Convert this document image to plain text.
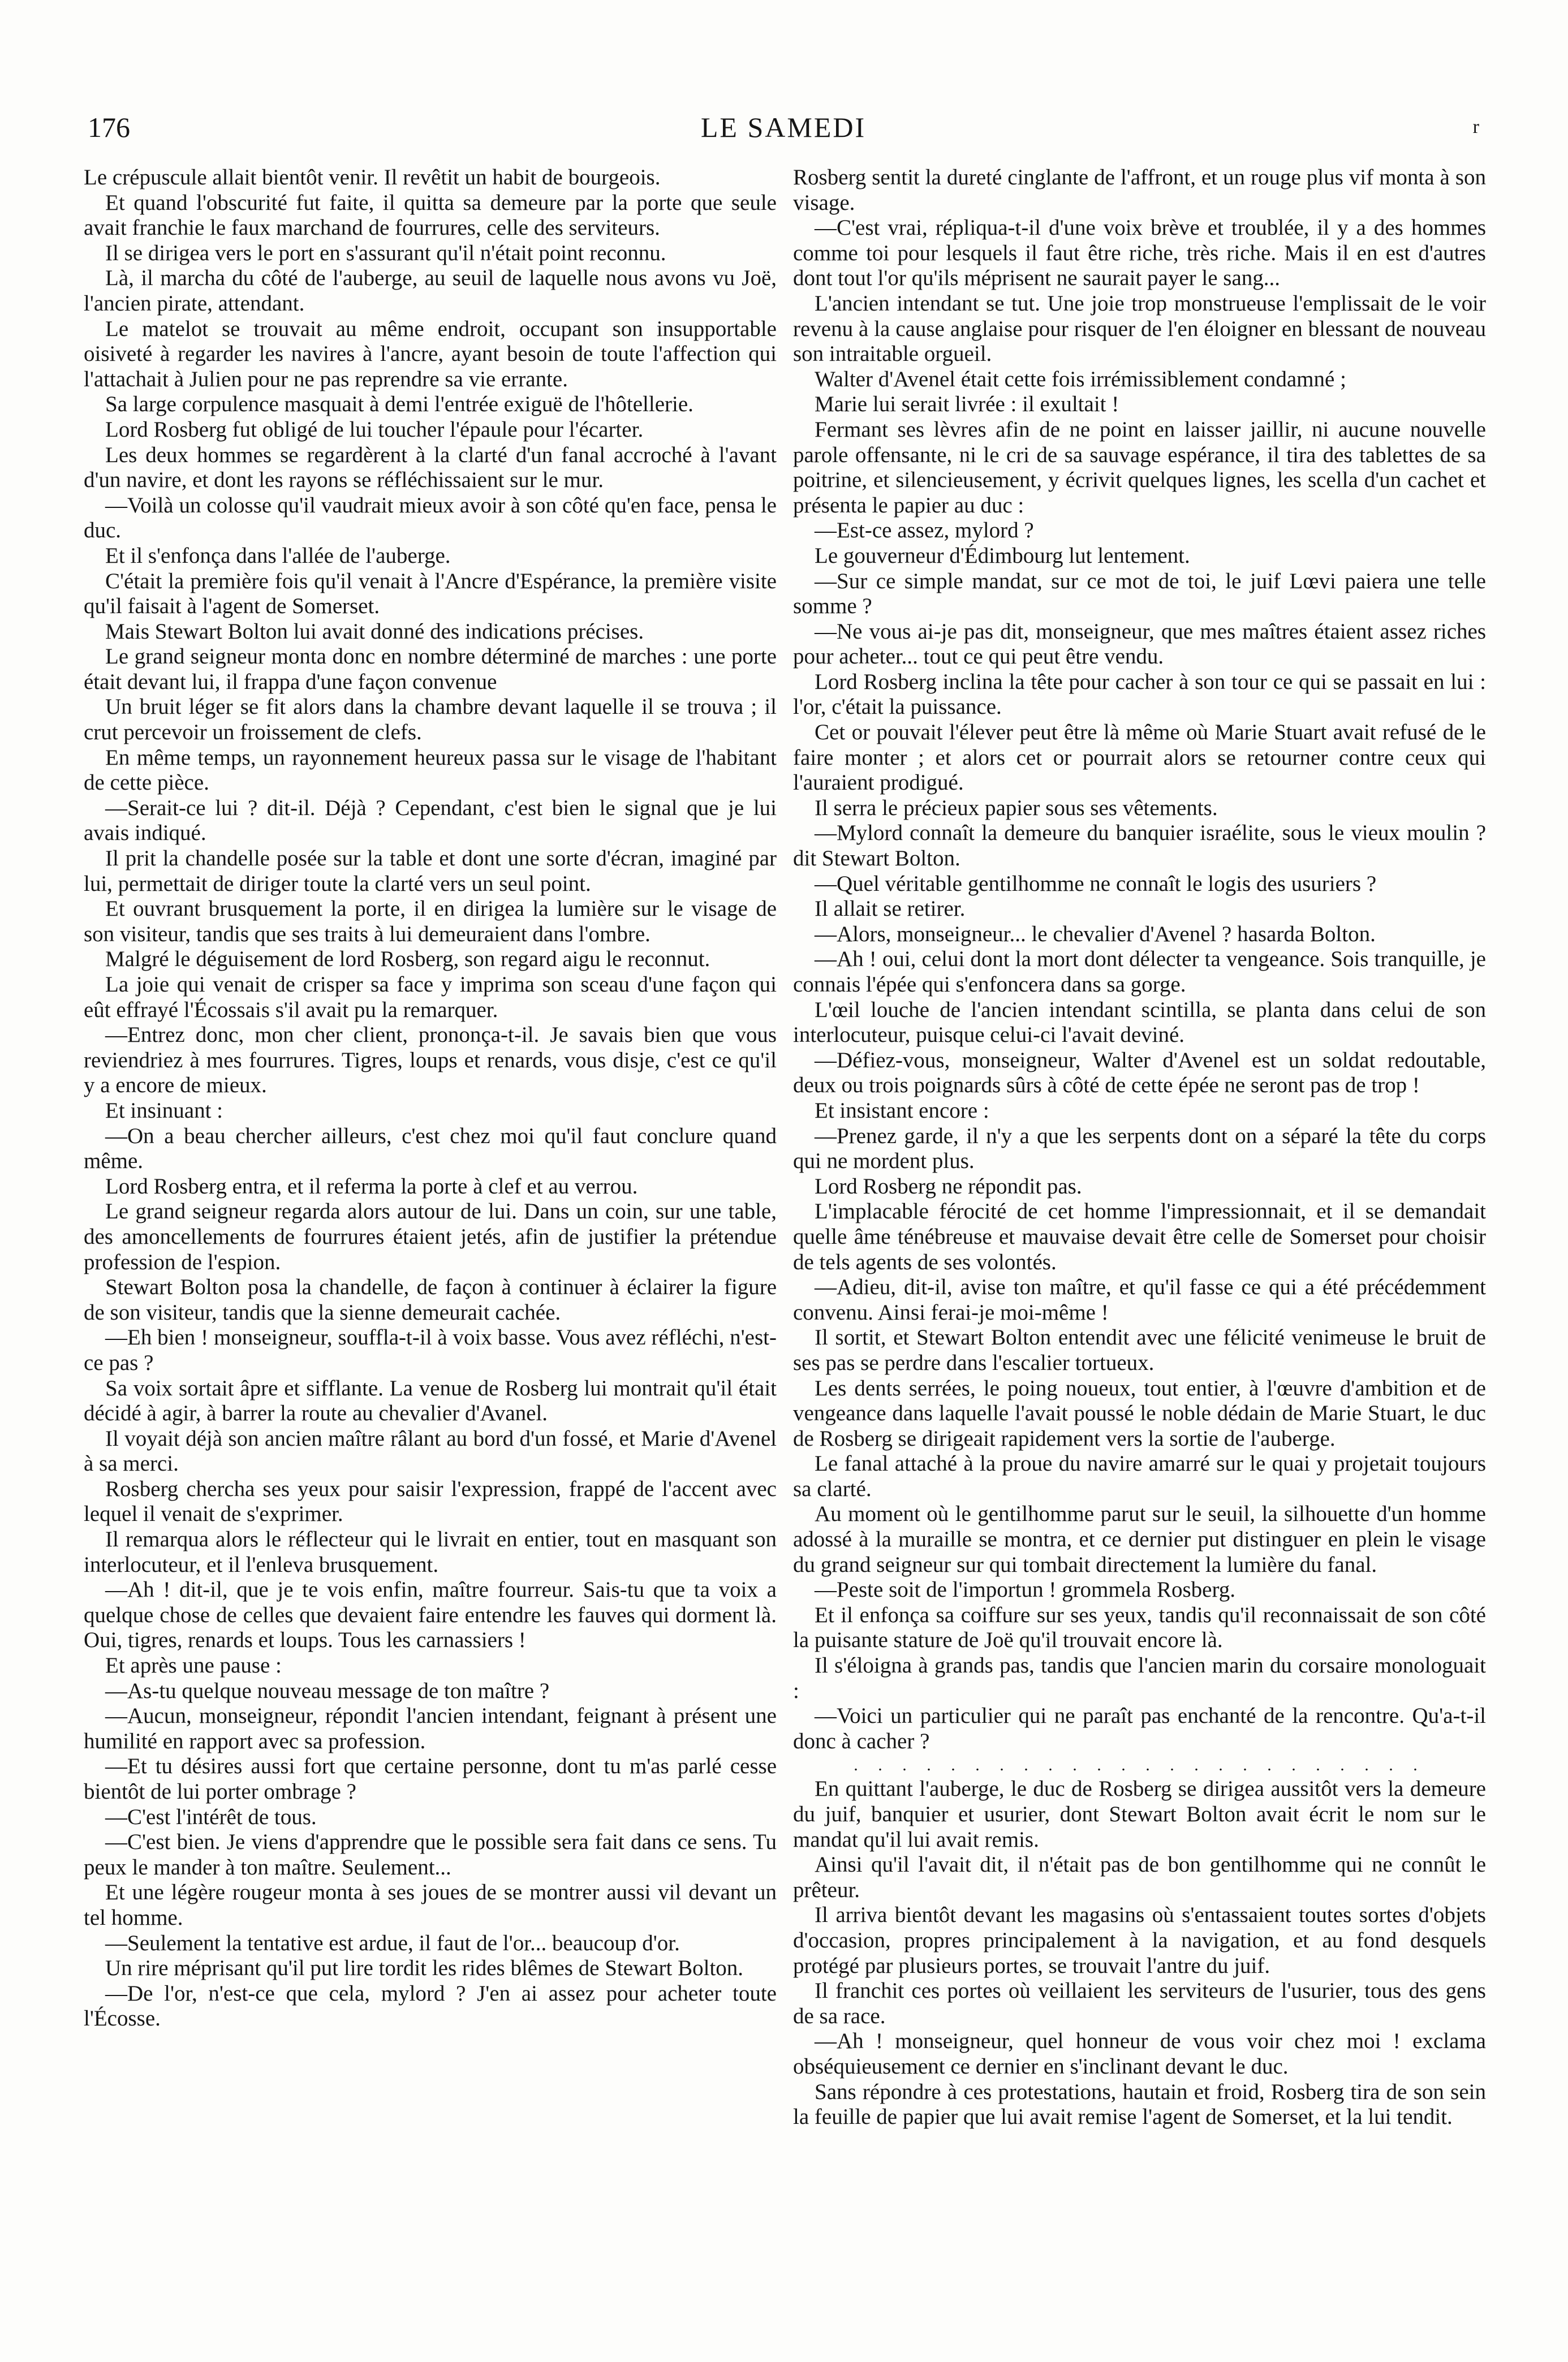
176	LE SAMEDI	r

Le crépuscule allait bientôt venir. Il revêtit un habit de bourgeois.

Et quand l'obscurité fut faite, il quitta sa demeure par la porte que seule avait franchie le faux marchand de fourrures, celle des serviteurs.

Il se dirigea vers le port en s'assurant qu'il n'était point reconnu.

Là, il marcha du côté de l'auberge, au seuil de laquelle nous avons vu Joë, l'ancien pirate, attendant.

Le matelot se trouvait au même endroit, occupant son insupportable oisiveté à regarder les navires à l'ancre, ayant besoin de toute l'affection qui l'attachait à Julien pour ne pas reprendre sa vie errante.

Sa large corpulence masquait à demi l'entrée exiguë de l'hôtellerie.

Lord Rosberg fut obligé de lui toucher l'épaule pour l'écarter.

Les deux hommes se regardèrent à la clarté d'un fanal accroché à l'avant d'un navire, et dont les rayons se réfléchissaient sur le mur.

—Voilà un colosse qu'il vaudrait mieux avoir à son côté qu'en face, pensa le duc.

Et il s'enfonça dans l'allée de l'auberge.

C'était la première fois qu'il venait à l'Ancre d'Espérance, la première visite qu'il faisait à l'agent de Somerset.

Mais Stewart Bolton lui avait donné des indications précises.

Le grand seigneur monta donc en nombre déterminé de marches : une porte était devant lui, il frappa d'une façon convenue

Un bruit léger se fit alors dans la chambre devant laquelle il se trouva ; il crut percevoir un froissement de clefs.

En même temps, un rayonnement heureux passa sur le visage de l'habitant de cette pièce.

—Serait-ce lui ? dit-il. Déjà ? Cependant, c'est bien le signal que je lui avais indiqué.

Il prit la chandelle posée sur la table et dont une sorte d'écran, imaginé par lui, permettait de diriger toute la clarté vers un seul point.

Et ouvrant brusquement la porte, il en dirigea la lumière sur le visage de son visiteur, tandis que ses traits à lui demeuraient dans l'ombre.

Malgré le déguisement de lord Rosberg, son regard aigu le reconnut.

La joie qui venait de crisper sa face y imprima son sceau d'une façon qui eût effrayé l'Écossais s'il avait pu la remarquer.

—Entrez donc, mon cher client, prononça-t-il. Je savais bien que vous reviendriez à mes fourrures. Tigres, loups et renards, vous disje, c'est ce qu'il y a encore de mieux.

Et insinuant :

—On a beau chercher ailleurs, c'est chez moi qu'il faut conclure quand même.

Lord Rosberg entra, et il referma la porte à clef et au verrou.

Le grand seigneur regarda alors autour de lui. Dans un coin, sur une table, des amoncellements de fourrures étaient jetés, afin de justifier la prétendue profession de l'espion.

Stewart Bolton posa la chandelle, de façon à continuer à éclairer la figure de son visiteur, tandis que la sienne demeurait cachée.

—Eh bien ! monseigneur, souffla-t-il à voix basse. Vous avez réfléchi, n'est-ce pas ?

Sa voix sortait âpre et sifflante. La venue de Rosberg lui montrait qu'il était décidé à agir, à barrer la route au chevalier d'Avanel.

Il voyait déjà son ancien maître râlant au bord d'un fossé, et Marie d'Avenel à sa merci.

Rosberg chercha ses yeux pour saisir l'expression, frappé de l'accent avec lequel il venait de s'exprimer.

Il remarqua alors le réflecteur qui le livrait en entier, tout en masquant son interlocuteur, et il l'enleva brusquement.

—Ah ! dit-il, que je te vois enfin, maître fourreur. Sais-tu que ta voix a quelque chose de celles que devaient faire entendre les fauves qui dorment là. Oui, tigres, renards et loups. Tous les carnassiers !

Et après une pause :

—As-tu quelque nouveau message de ton maître ?

—Aucun, monseigneur, répondit l'ancien intendant, feignant à présent une humilité en rapport avec sa profession.

—Et tu désires aussi fort que certaine personne, dont tu m'as parlé cesse bientôt de lui porter ombrage ?

—C'est l'intérêt de tous.

—C'est bien. Je viens d'apprendre que le possible sera fait dans ce sens. Tu peux le mander à ton maître. Seulement...

Et une légère rougeur monta à ses joues de se montrer aussi vil devant un tel homme.

—Seulement la tentative est ardue, il faut de l'or... beaucoup d'or.

Un rire méprisant qu'il put lire tordit les rides blêmes de Stewart Bolton.

—De l'or, n'est-ce que cela, mylord ? J'en ai assez pour acheter toute l'Écosse.

Rosberg sentit la dureté cinglante de l'affront, et un rouge plus vif monta à son visage.

—C'est vrai, répliqua-t-il d'une voix brève et troublée, il y a des hommes comme toi pour lesquels il faut être riche, très riche. Mais il en est d'autres dont tout l'or qu'ils méprisent ne saurait payer le sang...

L'ancien intendant se tut. Une joie trop monstrueuse l'emplissait de le voir revenu à la cause anglaise pour risquer de l'en éloigner en blessant de nouveau son intraitable orgueil.

Walter d'Avenel était cette fois irrémissiblement condamné ;

Marie lui serait livrée : il exultait !

Fermant ses lèvres afin de ne point en laisser jaillir, ni aucune nouvelle parole offensante, ni le cri de sa sauvage espérance, il tira des tablettes de sa poitrine, et silencieusement, y écrivit quelques lignes, les scella d'un cachet et présenta le papier au duc :

—Est-ce assez, mylord ?

Le gouverneur d'Édimbourg lut lentement.

—Sur ce simple mandat, sur ce mot de toi, le juif Lœvi paiera une telle somme ?

—Ne vous ai-je pas dit, monseigneur, que mes maîtres étaient assez riches pour acheter... tout ce qui peut être vendu.

Lord Rosberg inclina la tête pour cacher à son tour ce qui se passait en lui : l'or, c'était la puissance.

Cet or pouvait l'élever peut être là même où Marie Stuart avait refusé de le faire monter ; et alors cet or pourrait alors se retourner contre ceux qui l'auraient prodigué.

Il serra le précieux papier sous ses vêtements.

—Mylord connaît la demeure du banquier israélite, sous le vieux moulin ? dit Stewart Bolton.

—Quel véritable gentilhomme ne connaît le logis des usuriers ?

Il allait se retirer.

—Alors, monseigneur... le chevalier d'Avenel ? hasarda Bolton.

—Ah ! oui, celui dont la mort dont délecter ta vengeance. Sois tranquille, je connais l'épée qui s'enfoncera dans sa gorge.

L'œil louche de l'ancien intendant scintilla, se planta dans celui de son interlocuteur, puisque celui-ci l'avait deviné.

—Défiez-vous, monseigneur, Walter d'Avenel est un soldat redoutable, deux ou trois poignards sûrs à côté de cette épée ne seront pas de trop !

Et insistant encore :

—Prenez garde, il n'y a que les serpents dont on a séparé la tête du corps qui ne mordent plus.

Lord Rosberg ne répondit pas.

L'implacable férocité de cet homme l'impressionnait, et il se demandait quelle âme ténébreuse et mauvaise devait être celle de Somerset pour choisir de tels agents de ses volontés.

—Adieu, dit-il, avise ton maître, et qu'il fasse ce qui a été précédemment convenu. Ainsi ferai-je moi-même !

Il sortit, et Stewart Bolton entendit avec une félicité venimeuse le bruit de ses pas se perdre dans l'escalier tortueux.

Les dents serrées, le poing noueux, tout entier, à l'œuvre d'ambition et de vengeance dans laquelle l'avait poussé le noble dédain de Marie Stuart, le duc de Rosberg se dirigeait rapidement vers la sortie de l'auberge.

Le fanal attaché à la proue du navire amarré sur le quai y projetait toujours sa clarté.

Au moment où le gentilhomme parut sur le seuil, la silhouette d'un homme adossé à la muraille se montra, et ce dernier put distinguer en plein le visage du grand seigneur sur qui tombait directement la lumière du fanal.

—Peste soit de l'importun ! grommela Rosberg.

Et il enfonça sa coiffure sur ses yeux, tandis qu'il reconnaissait de son côté la puisante stature de Joë qu'il trouvait encore là.

Il s'éloigna à grands pas, tandis que l'ancien marin du corsaire monologuait :

—Voici un particulier qui ne paraît pas enchanté de la rencontre. Qu'a-t-il donc à cacher ?

. . . . . . . . . . . . . . . . . . . . . . . .

En quittant l'auberge, le duc de Rosberg se dirigea aussitôt vers la demeure du juif, banquier et usurier, dont Stewart Bolton avait écrit le nom sur le mandat qu'il lui avait remis.

Ainsi qu'il l'avait dit, il n'était pas de bon gentilhomme qui ne connût le prêteur.

Il arriva bientôt devant les magasins où s'entassaient toutes sortes d'objets d'occasion, propres principalement à la navigation, et au fond desquels protégé par plusieurs portes, se trouvait l'antre du juif.

Il franchit ces portes où veillaient les serviteurs de l'usurier, tous des gens de sa race.

—Ah ! monseigneur, quel honneur de vous voir chez moi ! exclama obséquieusement ce dernier en s'inclinant devant le duc.

Sans répondre à ces protestations, hautain et froid, Rosberg tira de son sein la feuille de papier que lui avait remise l'agent de Somerset, et la lui tendit.
